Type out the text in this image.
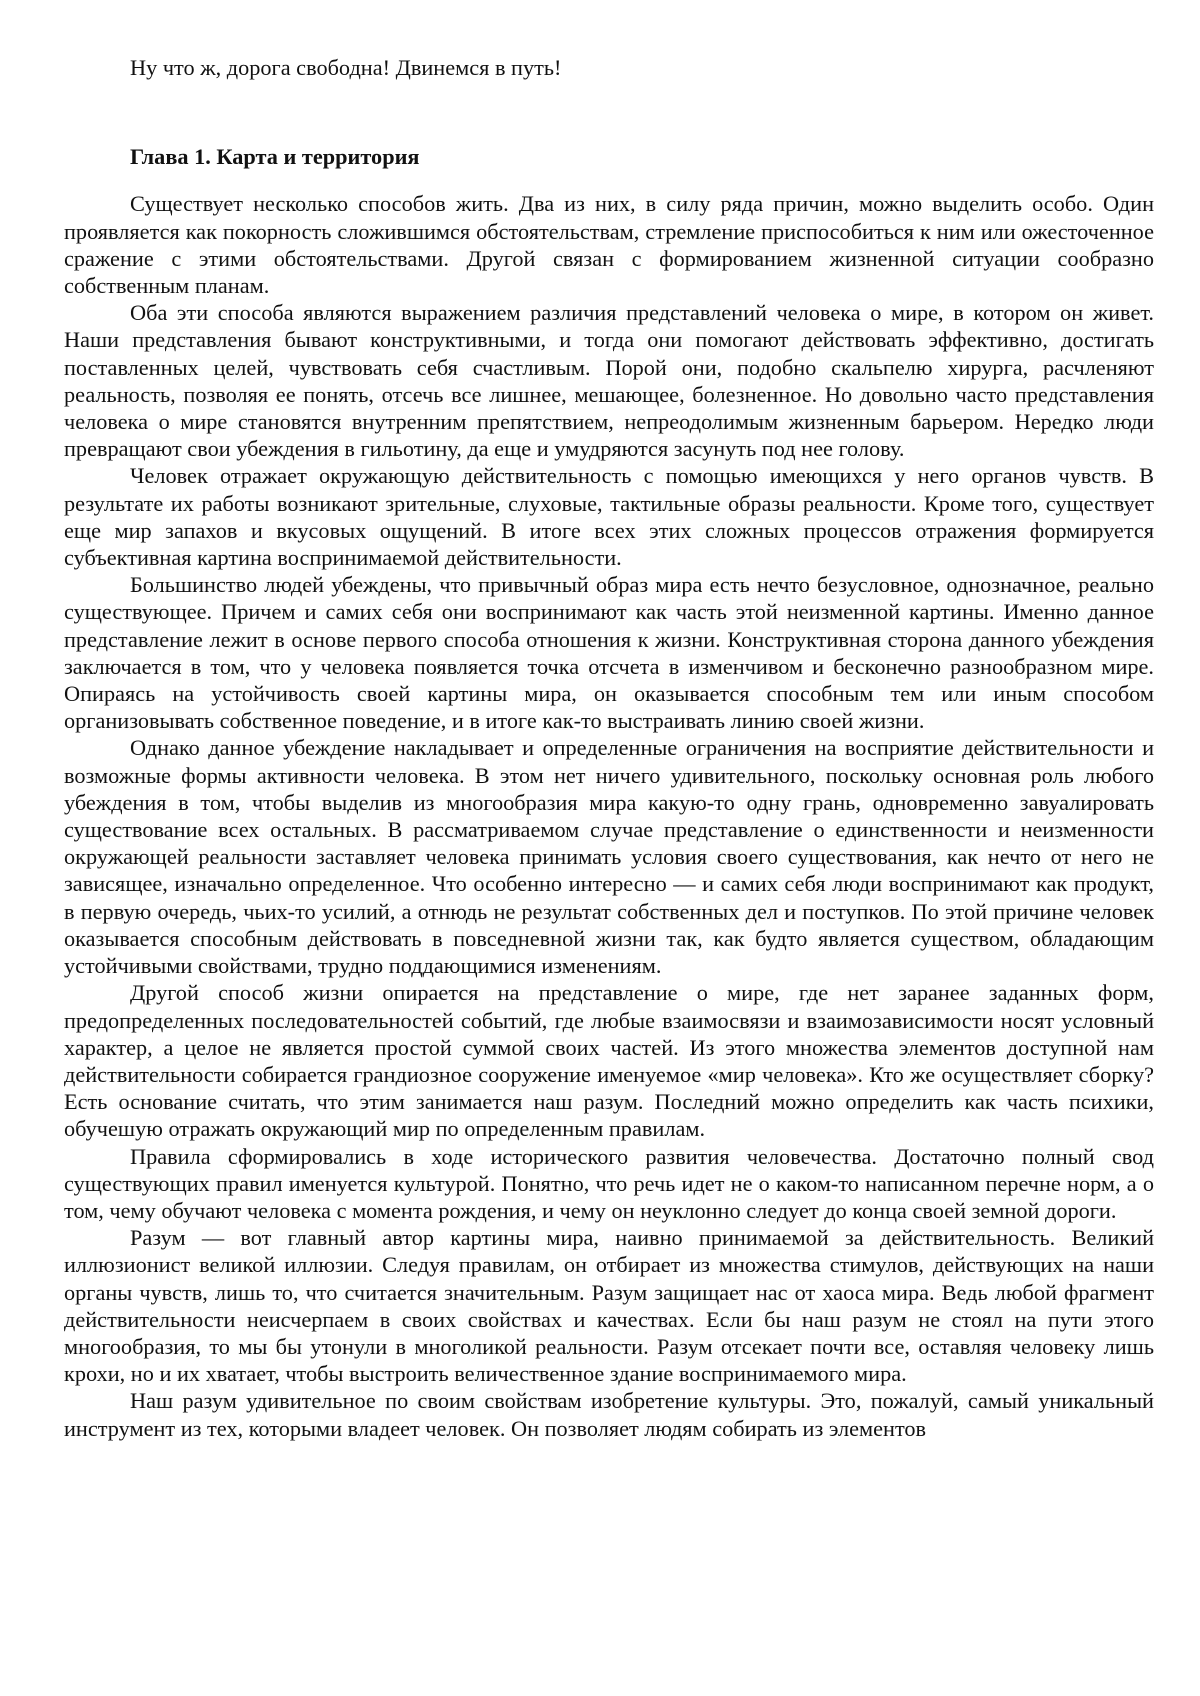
Ну что ж, дорога свободна! Двинемся в путь!

Глава 1. Карта и территория

Существует несколько способов жить. Два из них, в силу ряда причин, можно выделить особо. Один проявляется как покорность сложившимся обстоятельствам, стремление приспособиться к ним или ожесточенное сражение с этими обстоятельствами. Другой связан с формированием жизненной ситуации сообразно собственным планам.

Оба эти способа являются выражением различия представлений человека о мире, в котором он живет. Наши представления бывают конструктивными, и тогда они помогают действовать эффективно, достигать поставленных целей, чувствовать себя счастливым. Порой они, подобно скальпелю хирурга, расчленяют реальность, позволяя ее понять, отсечь все лишнее, мешающее, болезненное. Но довольно часто представления человека о мире становятся внутренним препятствием, непреодолимым жизненным барьером. Нередко люди превращают свои убеждения в гильотину, да еще и умудряются засунуть под нее голову.

Человек отражает окружающую действительность с помощью имеющихся у него органов чувств. В результате их работы возникают зрительные, слуховые, тактильные образы реальности. Кроме того, существует еще мир запахов и вкусовых ощущений. В итоге всех этих сложных процессов отражения формируется субъективная картина воспринимаемой действительности.

Большинство людей убеждены, что привычный образ мира есть нечто безусловное, однозначное, реально существующее. Причем и самих себя они воспринимают как часть этой неизменной картины. Именно данное представление лежит в основе первого способа отношения к жизни. Конструктивная сторона данного убеждения заключается в том, что у человека появляется точка отсчета в изменчивом и бесконечно разнообразном мире. Опираясь на устойчивость своей картины мира, он оказывается способным тем или иным способом организовывать собственное поведение, и в итоге как-то выстраивать линию своей жизни.

Однако данное убеждение накладывает и определенные ограничения на восприятие действительности и возможные формы активности человека. В этом нет ничего удивительного, поскольку основная роль любого убеждения в том, чтобы выделив из многообразия мира какую-то одну грань, одновременно завуалировать существование всех остальных. В рассматриваемом случае представление о единственности и неизменности окружающей реальности заставляет человека принимать условия своего существования, как нечто от него не зависящее, изначально определенное. Что особенно интересно — и самих себя люди воспринимают как продукт, в первую очередь, чьих-то усилий, а отнюдь не результат собственных дел и поступков. По этой причине человек оказывается способным действовать в повседневной жизни так, как будто является существом, обладающим устойчивыми свойствами, трудно поддающимися изменениям.

Другой способ жизни опирается на представление о мире, где нет заранее заданных форм, предопределенных последовательностей событий, где любые взаимосвязи и взаимозависимости носят условный характер, а целое не является простой суммой своих частей. Из этого множества элементов доступной нам действительности собирается грандиозное сооружение именуемое «мир человека». Кто же осуществляет сборку? Есть основание считать, что этим занимается наш разум. Последний можно определить как часть психики, обучешую отражать окружающий мир по определенным правилам.

Правила сформировались в ходе исторического развития человечества. Достаточно полный свод существующих правил именуется культурой. Понятно, что речь идет не о каком-то написанном перечне норм, а о том, чему обучают человека с момента рождения, и чему он неуклонно следует до конца своей земной дороги.

Разум — вот главный автор картины мира, наивно принимаемой за действительность. Великий иллюзионист великой иллюзии. Следуя правилам, он отбирает из множества стимулов, действующих на наши органы чувств, лишь то, что считается значительным. Разум защищает нас от хаоса мира. Ведь любой фрагмент действительности неисчерпаем в своих свойствах и качествах. Если бы наш разум не стоял на пути этого многообразия, то мы бы утонули в многоликой реальности. Разум отсекает почти все, оставляя человеку лишь крохи, но и их хватает, чтобы выстроить величественное здание воспринимаемого мира.

Наш разум удивительное по своим свойствам изобретение культуры. Это, пожалуй, самый уникальный инструмент из тех, которыми владеет человек. Он позволяет людям собирать из элементов
